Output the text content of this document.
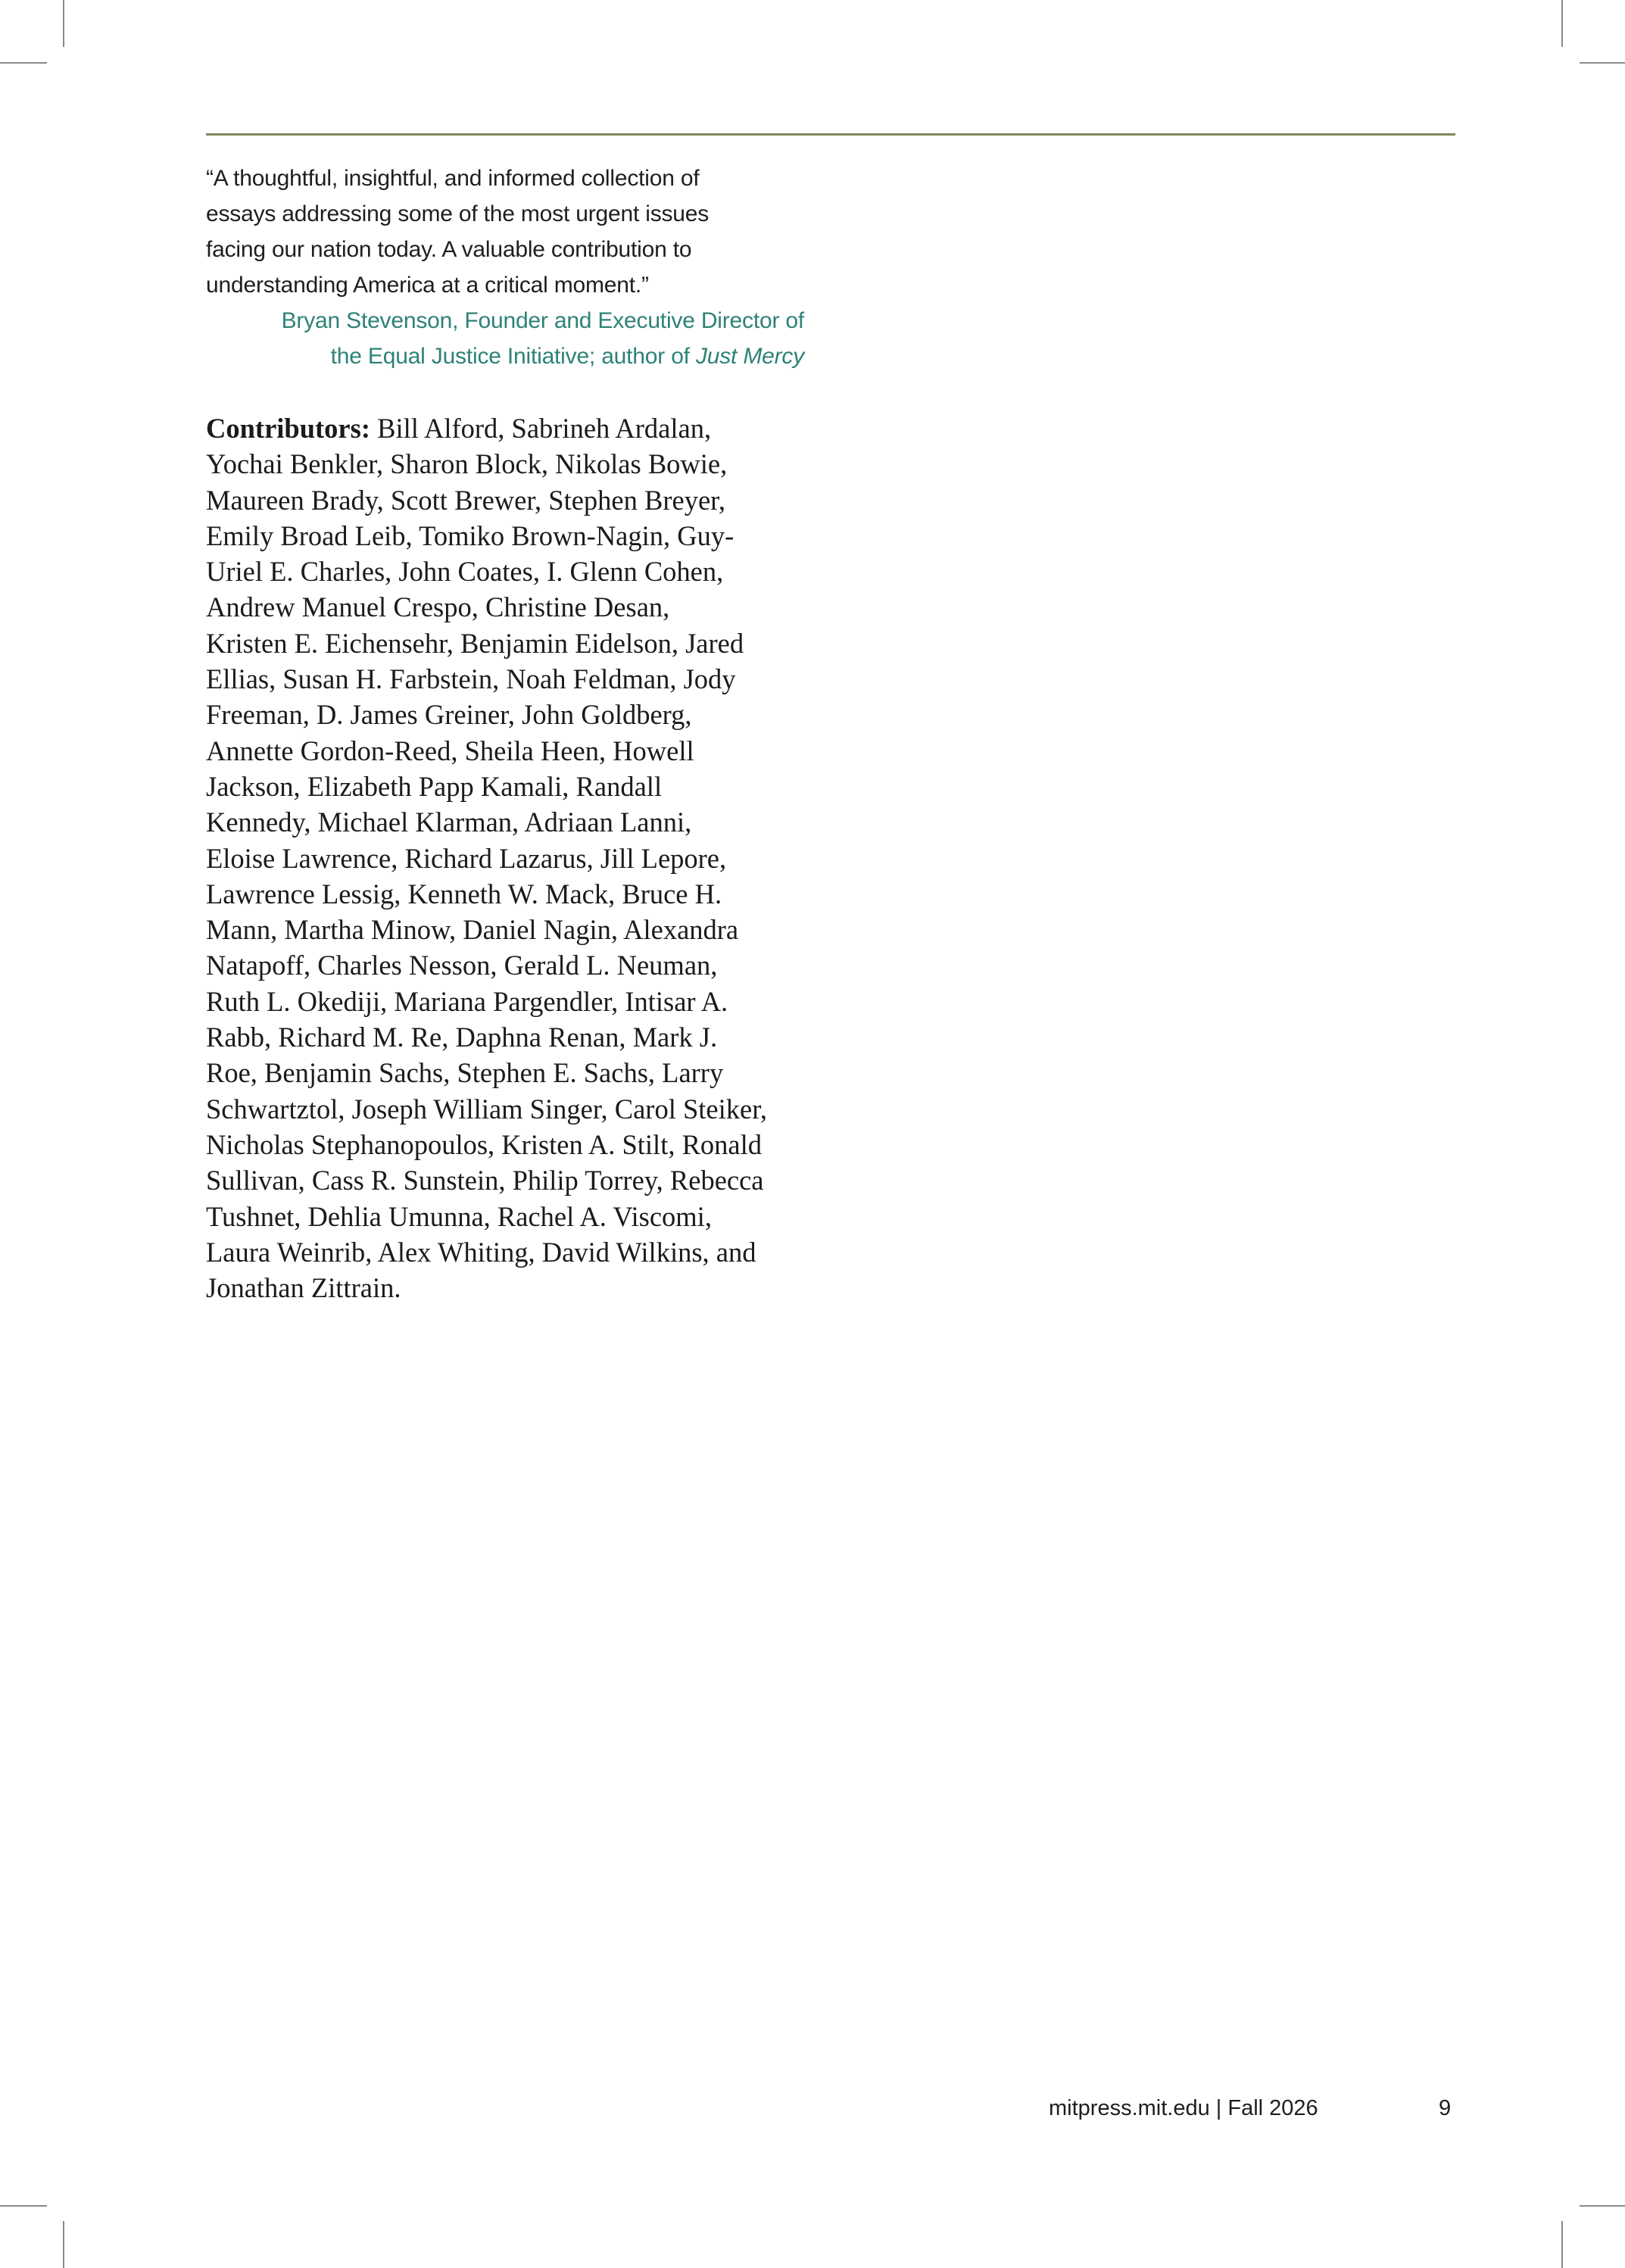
“A thoughtful, insightful, and informed collection of
essays addressing some of the most urgent issues
facing our nation today. A valuable contribution to
understanding America at a critical moment.”
Bryan Stevenson, Founder and Executive Director of
the Equal Justice Initiative; author of Just Mercy
Contributors: Bill Alford, Sabrineh Ardalan,
Yochai Benkler, Sharon Block, Nikolas Bowie,
Maureen Brady, Scott Brewer, Stephen Breyer,
Emily Broad Leib, Tomiko Brown-Nagin, Guy-
Uriel E. Charles, John Coates, I. Glenn Cohen,
Andrew Manuel Crespo, Christine Desan,
Kristen E. Eichensehr, Benjamin Eidelson, Jared
Ellias, Susan H. Farbstein, Noah Feldman, Jody
Freeman, D. James Greiner, John Goldberg,
Annette Gordon-Reed, Sheila Heen, Howell
Jackson, Elizabeth Papp Kamali, Randall
Kennedy, Michael Klarman, Adriaan Lanni,
Eloise Lawrence, Richard Lazarus, Jill Lepore,
Lawrence Lessig, Kenneth W. Mack, Bruce H.
Mann, Martha Minow, Daniel Nagin, Alexandra
Natapoff, Charles Nesson, Gerald L. Neuman,
Ruth L. Okediji, Mariana Pargendler, Intisar A.
Rabb, Richard M. Re, Daphna Renan, Mark J.
Roe, Benjamin Sachs, Stephen E. Sachs, Larry
Schwartztol, Joseph William Singer, Carol Steiker,
Nicholas Stephanopoulos, Kristen A. Stilt, Ronald
Sullivan, Cass R. Sunstein, Philip Torrey, Rebecca
Tushnet, Dehlia Umunna, Rachel A. Viscomi,
Laura Weinrib, Alex Whiting, David Wilkins, and
Jonathan Zittrain.
mitpress.mit.edu | Fall 2026	9
